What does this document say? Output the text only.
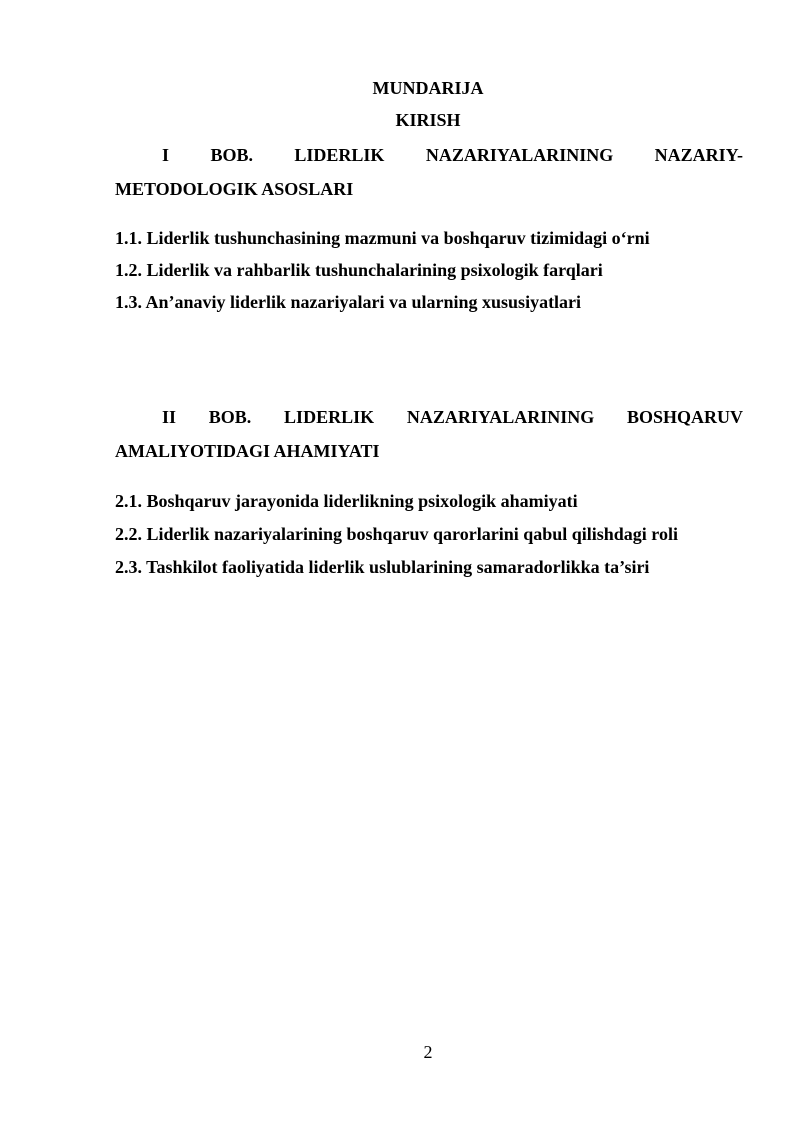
MUNDARIJA

KIRISH

I BOB. LIDERLIK NAZARIYALARINING NAZARIY-
METODOLOGIK ASOSLARI

1.1. Liderlik tushunchasining mazmuni va boshqaruv tizimidagi o‘rni

1.2. Liderlik va rahbarlik tushunchalarining psixologik farqlari

1.3. An’anaviy liderlik nazariyalari va ularning xususiyatlari

II BOB. LIDERLIK NAZARIYALARINING BOSHQARUV
AMALIYOTIDAGI AHAMIYATI

2.1. Boshqaruv jarayonida liderlikning psixologik ahamiyati

2.2. Liderlik nazariyalarining boshqaruv qarorlarini qabul qilishdagi roli

2.3. Tashkilot faoliyatida liderlik uslublarining samaradorlikka ta’siri

2
